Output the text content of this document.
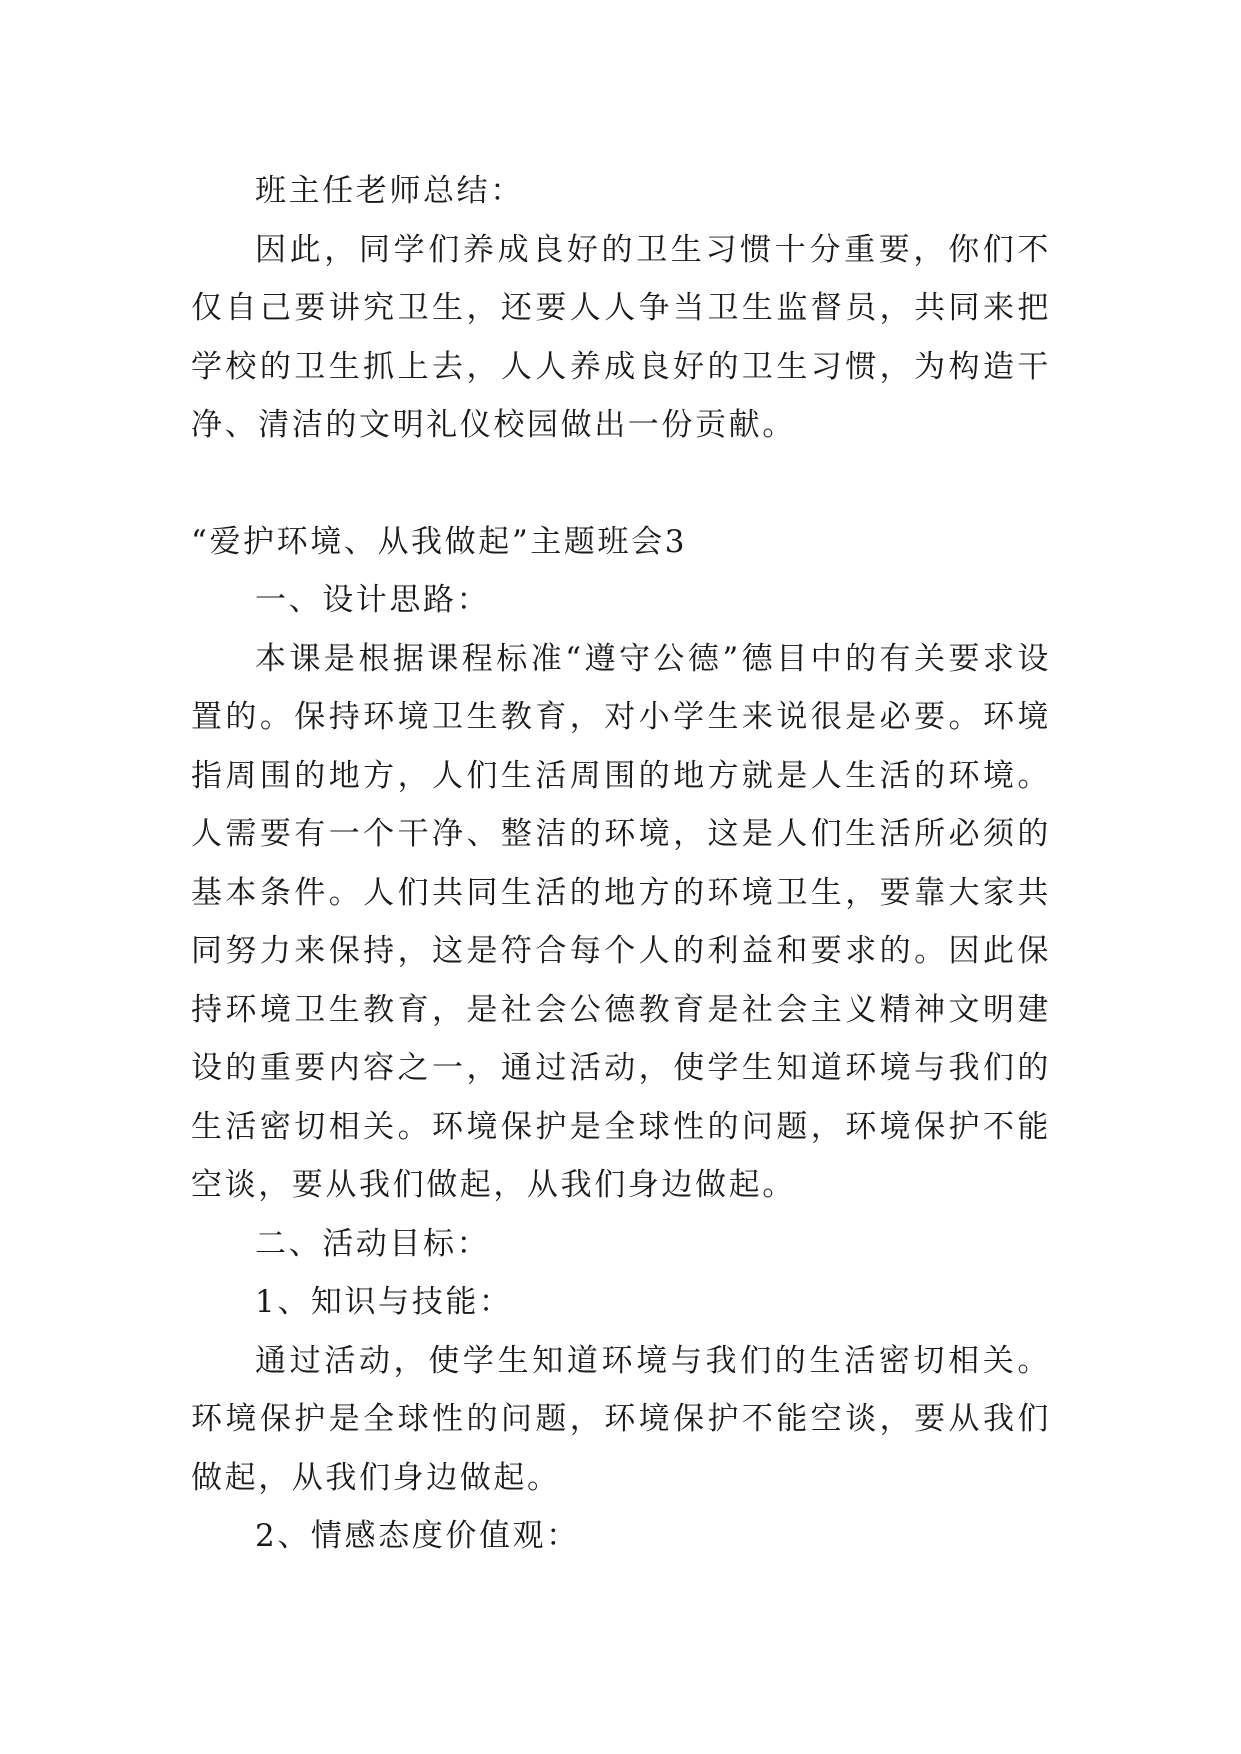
班主任老师总结：

因此，同学们养成良好的卫生习惯十分重要，你们不仅自己要讲究卫生，还要人人争当卫生监督员，共同来把学校的卫生抓上去，人人养成良好的卫生习惯，为构造干净、清洁的文明礼仪校园做出一份贡献。

“爱护环境、从我做起”主题班会3

一、设计思路：

本课是根据课程标准“遵守公德”德目中的有关要求设置的。保持环境卫生教育，对小学生来说很是必要。环境指周围的地方，人们生活周围的地方就是人生活的环境。人需要有一个干净、整洁的环境，这是人们生活所必须的基本条件。人们共同生活的地方的环境卫生，要靠大家共同努力来保持，这是符合每个人的利益和要求的。因此保持环境卫生教育，是社会公德教育是社会主义精神文明建设的重要内容之一，通过活动，使学生知道环境与我们的生活密切相关。环境保护是全球性的问题，环境保护不能空谈，要从我们做起，从我们身边做起。

二、活动目标：

1、知识与技能：

通过活动，使学生知道环境与我们的生活密切相关。环境保护是全球性的问题，环境保护不能空谈，要从我们做起，从我们身边做起。

2、情感态度价值观：
